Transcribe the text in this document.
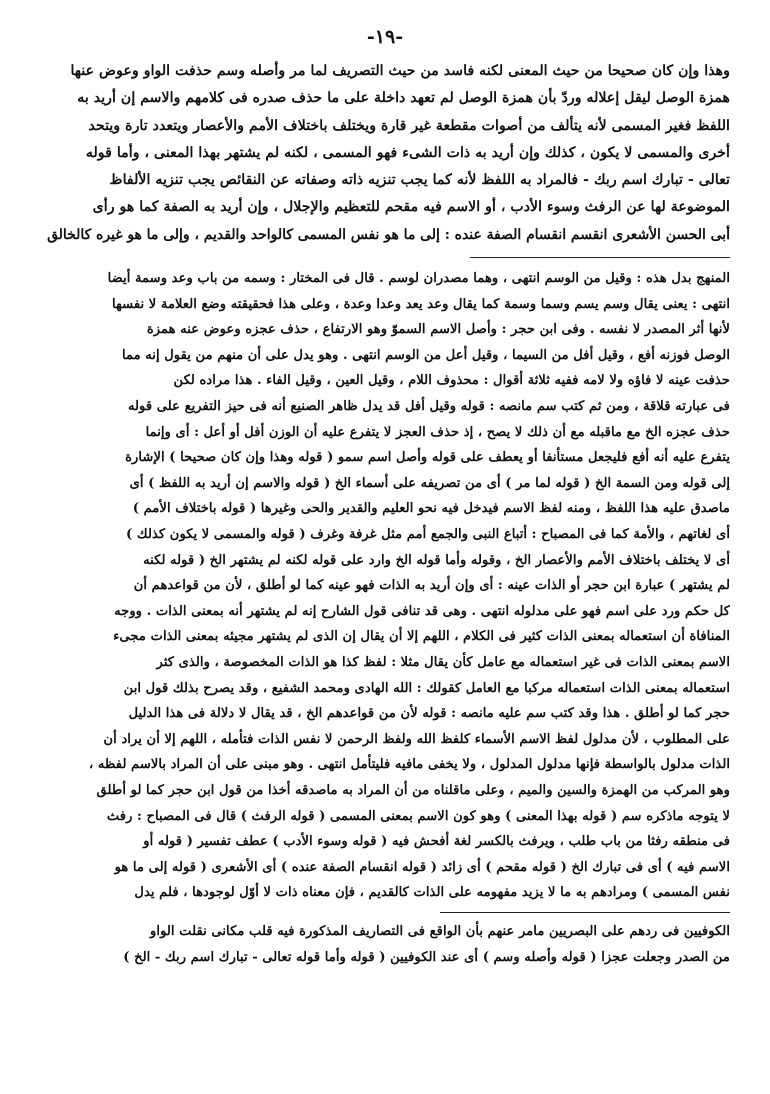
-١٩-
وهذا وإن كان صحيحا من حيث المعنى لكنه فاسد من حيث التصريف لما مر وأصله وسم حذفت الواو وعوض عنها
همزة الوصل ليقل إعلاله وردّ بأن همزة الوصل لم تعهد داخلة على ما حذف صدره فى كلامهم والاسم إن أريد به
اللفظ فغير المسمى لأنه يتألف من أصوات مقطعة غير قارة ويختلف باختلاف الأمم والأعصار ويتعدد تارة ويتحد
أخرى والمسمى لا يكون ، كذلك وإن أريد به ذات الشىء فهو المسمى ، لكنه لم يشتهر بهذا المعنى ، وأما قوله
تعالى - تبارك اسم ربك - فالمراد به اللفظ لأنه كما يجب تنزيه ذاته وصفاته عن النقائص يجب تنزيه الألفاظ
الموضوعة لها عن الرفث وسوء الأدب ، أو الاسم فيه مقحم للتعظيم والإجلال ، وإن أريد به الصفة كما هو رأى
أبى الحسن الأشعرى انقسم انقسام الصفة عنده : إلى ما هو نفس المسمى كالواحد والقديم ، وإلى ما هو غيره كالخالق
المنهج بدل هذه : وقيل من الوسم انتهى ، وهما مصدران لوسم . قال فى المختار : وسمه من باب وعد وسمة أيضا
انتهى : يعنى يقال وسم يسم وسما وسمة كما يقال وعد يعد وعدا وعدة ، وعلى هذا فحقيقته وضع العلامة لا نفسها
لأنها أثر المصدر لا نفسه . وفى ابن حجر : وأصل الاسم السموّ وهو الارتفاع ، حذف عجزه وعوض عنه همزة
الوصل فوزنه أفع ، وقيل أفل من السيما ، وقيل أعل من الوسم انتهى . وهو يدل على أن منهم من يقول إنه مما
حذفت عينه لا فاؤه ولا لامه ففيه ثلاثة أقوال : محذوف اللام ، وقيل العين ، وقيل الفاء . هذا مراده لكن
فى عبارته قلاقة ، ومن ثم كتب سم مانصه : قوله وقيل أفل قد يدل ظاهر الصنيع أنه فى حيز التفريع على قوله
حذف عجزه الخ مع ماقبله مع أن ذلك لا يصح ، إذ حذف العجز لا يتفرع عليه أن الوزن أفل أو أعل : أى وإنما
يتفرع عليه أنه أفع فليجعل مستأنفا أو يعطف على قوله وأصل اسم سمو ( قوله وهذا وإن كان صحيحا ) الإشارة
إلى قوله ومن السمة الخ ( قوله لما مر ) أى من تصريفه على أسماء الخ ( قوله والاسم إن أريد به اللفظ ) أى
ماصدق عليه هذا اللفظ ، ومنه لفظ الاسم فيدخل فيه نحو العليم والقدير والحى وغيرها ( قوله باختلاف الأمم )
أى لغاتهم ، والأمة كما فى المصباح : أتباع النبى والجمع أمم مثل غرفة وغرف ( قوله والمسمى لا يكون كذلك )
أى لا يختلف باختلاف الأمم والأعصار الخ ، وقوله وأما قوله الخ وارد على قوله لكنه لم يشتهر الخ ( قوله لكنه
لم يشتهر ) عبارة ابن حجر أو الذات عينه : أى وإن أريد به الذات فهو عينه كما لو أطلق ، لأن من قواعدهم أن
كل حكم ورد على اسم فهو على مدلوله انتهى . وهى قد تنافى قول الشارح إنه لم يشتهر أنه بمعنى الذات . ووجه
المنافاة أن استعماله بمعنى الذات كثير فى الكلام ، اللهم إلا أن يقال إن الذى لم يشتهر مجيئه بمعنى الذات مجىء
الاسم بمعنى الذات فى غير استعماله مع عامل كأن يقال مثلا : لفظ كذا هو الذات المخصوصة ، والذى كثر
استعماله بمعنى الذات استعماله مركبا مع العامل كقولك : الله الهادى ومحمد الشفيع ، وقد يصرح بذلك قول ابن
حجر كما لو أطلق . هذا وقد كتب سم عليه مانصه : قوله لأن من قواعدهم الخ ، قد يقال لا دلالة فى هذا الدليل
على المطلوب ، لأن مدلول لفظ الاسم الأسماء كلفظ الله ولفظ الرحمن لا نفس الذات فتأمله ، اللهم إلا أن يراد أن
الذات مدلول بالواسطة فإنها مدلول المدلول ، ولا يخفى مافيه فليتأمل انتهى . وهو مبنى على أن المراد بالاسم لفظه ،
وهو المركب من الهمزة والسين والميم ، وعلى ماقلناه من أن المراد به ماصدقه أخذا من قول ابن حجر كما لو أطلق
لا يتوجه ماذكره سم ( قوله بهذا المعنى ) وهو كون الاسم بمعنى المسمى ( قوله الرفث ) قال فى المصباح : رفث
فى منطقه رفثا من باب طلب ، ويرفث بالكسر لغة أفحش فيه ( قوله وسوء الأدب ) عطف تفسير ( قوله أو
الاسم فيه ) أى فى تبارك الخ ( قوله مقحم ) أى زائد ( قوله انقسام الصفة عنده ) أى الأشعرى ( قوله إلى ما هو
نفس المسمى ) ومرادهم به ما لا يزيد مفهومه على الذات كالقديم ، فإن معناه ذات لا أوّل لوجودها ، فلم يدل
الكوفيين فى ردهم على البصريين مامر عنهم بأن الواقع فى التصاريف المذكورة فيه قلب مكانى نقلت الواو
من الصدر وجعلت عجزا ( قوله وأصله وسم ) أى عند الكوفيين ( قوله وأما قوله تعالى - تبارك اسم ربك - الخ )
